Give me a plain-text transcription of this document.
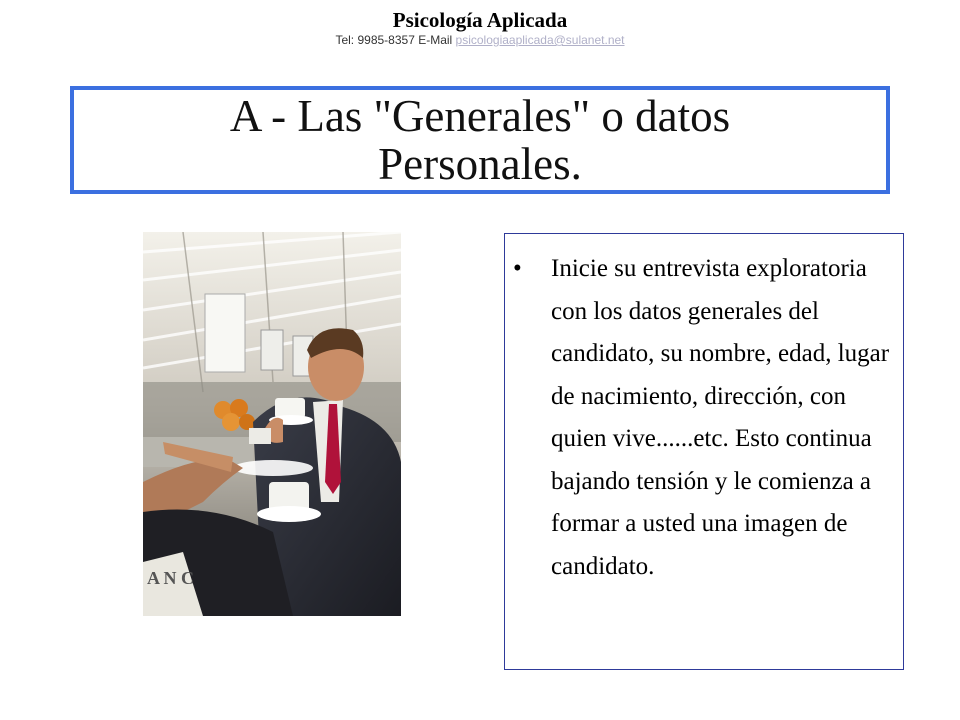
Psicología Aplicada
Tel: 9985-8357 E-Mail psicologiaaplicada@sulanet.net
A - Las "Generales" o datos
Personales.
A N C
• Inicie su entrevista exploratoria con los datos generales del candidato, su nombre, edad, lugar de nacimiento, dirección, con quien vive......etc. Esto continua bajando tensión y le comienza a formar a usted una imagen de candidato.
